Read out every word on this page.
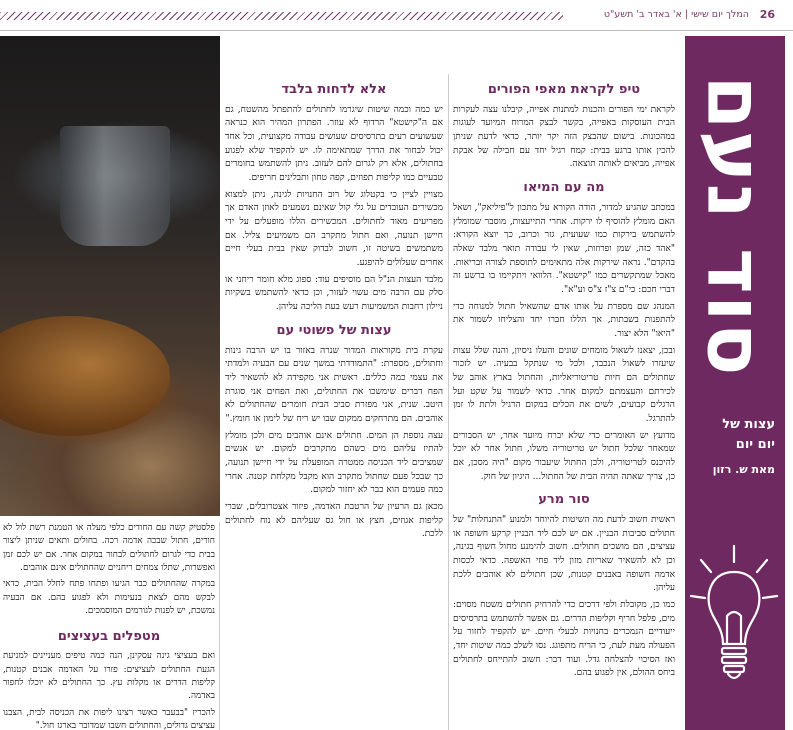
26
המלך יום שישי | א' באדר ב' תשע"ט
סוד נעם
עצות של
יום יום
מאת ש. רזון
טיפ לקראת מאפי הפורים

לקראת ימי הפורים והכנות למתנות אפייה, קיבלנו עצה לעקרות הבית העוסקות באפייה, בקשר לבצק המרוח המיועד לעוגות במהכונות. בישום שהבצק הזה יקר יותר, כדאי לדעת שניתן להכין אותו ברגע בבית: קמח רגיל יחד עם חבילה של אבקת אפייה, מביאים לאותה תוצאה.

מה עם המיאו

במכתב שהגיע למדור, הודה הקורא על מתכון ל"פיליאק", ושאל האם מומלץ להוסיף לו ירקות. אחרי התייעצות, מוסבר שמומלץ להשתמש בירקות כמו שעועית, גזר וכרוב, כך יוצא הקורא: "אהד כזה, שמן ופרוזות, שאין לי עבודה תואר מלבד שאלה בהקדם". נראה שירקות אלה מתאימים לתוספת לצורה ובריאות. מאכל שמתקשרים כמו "קישטא". הלוואי ויתקיימו בו ברשע זה דברי חכם: כי"ם צ"ז צ"ס וע"א".

המנהג שם מספרת על אותו אדם שהשאיל חתול למנוחה כדי להתפנות בשבתות, אך הללו חברו יחד והצליחו לשמור את "היאו" הלא יצור.

ובכן, יצאנו לשאול מומחים שונים והעלו ניסיון, והנה שלל עצות שיעזרו לשאול הנכבד, ולכל מי שנתקל בבעיה. יש לזכור שחתולים הם חיות טריטוריאליות, והחתול בארץ אוהב של לכירתם והעצמתם למקום אחר. כדאי לשמור על שקט ועל הרגלים קבועים, לשים את הכלים במקום הרגיל ולתת לו זמן להתרגל.

מדועץ יש האומרים כדי שלא יברח מיועד אחר, יש הסבורים שמאחר שלכל חתול יש טריטוריה משלו, חתול אחר לא יוכל להיכנס לטריטוריה, ולכן החתול שיעבור מקום "היה מסכן, אם כן, צריך שאתה תהיה הבית של החתול... היגיון של חוק.

סור מרע

ראשית חשוב לדעת מה השיטות להיוחד ולמנוע "התנחלות" של חתולים סביבות הבניין. אם יש לכם ליד הבניין קרקע חשופה או עציצים, הם מושכים חתולים. חשוב להימנע מחול חשוף בגינה, וכן לא להשאיר שאריות מזון ליד פחי האשפה. כדאי לכסות אדמה חשופה באבנים קטנות, שכן חתולים לא אוהבים ללכת עליהן.

כמו כן, מקובלת ולפי דרכים כדי להרחיק חתולים משטח מסוים: מים, פלפל חריף וקליפות הדרים. גם אפשר להשתמש בתרסיסים ייעודיים הנמכרים בחנויות לבעלי חיים. יש להקפיד לחזור על הפעולה מעת לעת, כי הריח מתפוגג. נסו לשלב כמה שיטות יחד, ואז הסיכוי להצלחה גדל. ועוד דבר: חשוב להתייחס לחתולים ביחס ההולם, אין לפגוע בהם.

אלא לדחות בלבד

יש כמה וכמה שיטות שיגרמו לחתולים להתפתל מהשטח, גם אם ה"קישטא" הרדוף לא עוזר. הפתרון המהיר הוא כנראה שעשועים רעים בתרסיסים שעושים עבודה מקצועית, וכל אחד יכול לבחור את הדרך שמתאימה לו. יש להקפיד שלא לפגוע בחתולים, אלא רק לגרום להם לעזוב. ניתן להשתמש בחומרים טבעיים כמו קליפות תפוזים, קפה טחון ותבלינים חריפים.

מצויין לציין כי בקטלוג של רוב החנויות לגינה, ניתן למצוא מכשירים העובדים על גלי קול שאינם נשמעים לאוזן האדם אך מפריעים מאוד לחתולים. המכשירים הללו מופעלים על ידי חיישן תנועה, ואם חתול מתקרב הם משמיעים צליל. אם משתמשים בשיטה זו, חשוב לבדוק שאין בבית בעלי חיים אחרים שעלולים להיפגע.

מלבד העצות הנ"ל הם מוסיפים עוד: ספוג מלא חומר ריחני או סלק עם הרבה מים עשוי לעזור, וכן כדאי להשתמש בשקיות ניילון רחבות המשמיעות רעש בעת הליכה עליהן.

עצות של פשוטי עם

עקרת בית מקוראות המדור שנרה באזור בו יש הרבה גינות וחתולים, מספרת: "התמודדתי במשך שנים עם הבעיה ולמדתי את עצמי כמה כללים. ראשית אני מקפידה לא להשאיר ליד הפח דברים שימשכו את החתולים, ואת הפחים אני סוגרת היטב. שנית, אני מפזרת סביב הבית חומרים שהחתולים לא אוהבים. הם מתרחקים ממקום שבו יש ריח של לימון או חומץ."

עצה נוספת הן המים. חתולים אינם אוהבים מים ולכן מומלץ להתיז עליהם מים כשהם מתקרבים למקום. יש אנשים שמציבים ליד הכניסה ממטרה המופעלת על ידי חיישן תנועה, כך שבכל פעם שחתול מתקרב הוא מקבל מקלחת קטנה. אחרי כמה פעמים הוא כבר לא יחזור למקום.

מכאן גם הרעיון של הרטבת האדמה, פיזור אצטרובלים, שברי קליפות אגוזים, חצץ או חול גס שעליהם לא נוח לחתולים ללכת.

פלסטיק קשה עם החודים כלפי מעלה או הטמנת רשת לול לא חורים, חתול שבכה אדמה רכה. בחולים ותאים שניתן ליצור בבית כדי לגרום לחתולים לבחור במקום אחר. אם יש לכם זמן ואפשרות, שתלו צמחים ריחניים שהחתולים אינם אוהבים.

במקרה שהחתולים כבר הגיעו ופתחו פתח לחלל הבית, כדאי לבקש מהם לצאת בנעימות ולא לפגוע בהם. אם הבעיה נמשכת, יש לפנות לגורמים המוסמכים.

מטפלים בעציצים

ואם בעציצי גינה עסקינן, הנה כמה טיפים מעניינים למניעת הגעת החתולים לעציצים: פזרו על האדמה אבנים קטנות, קליפות הדרים או מקלות עץ. כך החתולים לא יוכלו לחפור באדמה.

להכריז "בבעבר כאשר רצינו ליפות את הכניסה לבית, הצבנו עציצים גדולים, והחתולים חשבו שמדובר בארגז חול."
